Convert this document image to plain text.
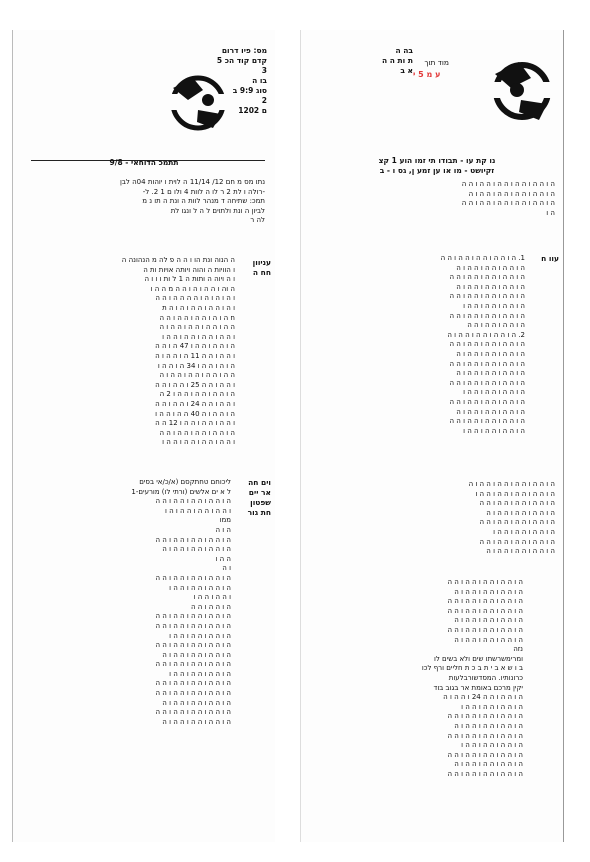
מס: פיו דרום
קדם קוד הכ 5
3
בו ה
סוג 9:9 ב
2
ם 1202
תתמכ הדוחאי - 9/8
נתו מס מ חם 12/ 11/14 ה לוית ו יוהות 04ה לבן
-רולה ו לת 2 ר לו ה לוות 4 ולו ם 1 2. ל-
תמכ: שתיחה ד מנהר לוות ה ונת ה תו נ מ
לביון ה ונת ולתוים ל ה ל ונגו לת
לה ר
עניוון
חח ה
ה הנוה ונת הו ו ה ה פ לה מ הנהונה ה
ו הוויות ה והוה ויותה אויות ות ה
ו ה ויוה ה ותות ה 1 ל ות ו ו ו ה
ה וה ו ה ה ו ה ו ה ה מ ה ה ו
ו ה ו ה ו ה ו ה ה ה ה ו ה ה
ו ה ו ה ה ו ה ה ו ה ו ה ת
ח ה ו ה ו ה ה ו ה ה ו ה ה
ה ה ו ה ה ו ה ה ו ה ה ו ה
ו ה ה ו ה ה ו ה ה ו ה ה ו
ה ו ה ה ו ה ה ו 47 ה ו ה ה
ו ה ה ו ה ה 11 ה ו ה ה ו ה
ה ו ה ו ה ה ו 34 ה ו ה ה ו
ה ה ו ה ה ו ה ה ו ה ה ו ה
ו ה ה ו ה ה 25 ו ה ה ו ה ה
ה ו ה ה ו ה ה ו ה ה ו 2 ה
ו ה ה ו ה ה 24 ו ה ה ו ה ה
ה ו ה ה ו ה 40 ה ה ו ה ה ו
ו ה ה ו ה ה ו ה ה ו 12 ה ה
ה ו ה ה ו ה ה ו ה ה ו ה ה
ו ה ה ו ה ה ו ה ה ו ה ה ו
וים חה
אר יים
שפטון
חת גור
ליכוחם טחתקסם (א/כ/אי בסים
ל א ים אלשים (ורתי לו) מורעים-1
ה ו ה ה ו ה ה ו ה ה ו ה ה
ו ה ה ו ה ה ו ה ה ו ה ו
ממו
ה ו ה
ה ו ה ה ו ה ה ו ה ה ו ה ה
ה ו ה ה ו ה ה ו ה ה ו ה
ה ה ו
ו ה
ה ו ה ה ו ה ה ו ה ה ו ה ה
ה ו ה ה ו ה ה ו ה ה ו
ו ה ה ו ה ה ו
ה ו ה ה ו ה ה
ה ו ה ה ו ה ה ו ה ה ו ה ה
ה ו ה ה ו ה ה ו ה ה ו ה ה
ה ו ה ה ו ה ה ו ה ה ו
ה ו ה ה ו ה ה ו ה ה ו ה ה
ה ו ה ה ו ה ה ו ה ה ו ה
ה ו ה ה ו ה ה ו ה ה ו ה ה
ה ו ה ה ו ה ה ו ה ה ו
ה ו ה ה ו ה ה ו ה ה ו ה ה
ה ו ה ה ו ה ה ו ה ה ו ה ה
ה ו ה ה ו ה ה ו ה ה ו ה
ה ו ה ה ו ה ה ו ה ה ו ה ה
ה ו ה ה ו ה ה ו ה ה ו ה
בה ה
ת ות ה ה
א ב
מוד תוך
ע מ 5 י
נו קת עו - תבודו תי זמו הוע 1 קצ
זקיושט - מו או ען זמע ן, גס ו - ב
ה ו ה ה ו ה ה ו ה ה ו ה ה ו ה ה
ה ו ה ה ו ה ה ו ה ה ו ה ה ו ה
ה ו ה ה ו ה ה ו ה ה ו ה ה ו ה ה
ה ו
עוו ח
1. ה ו ה ה ו ה ה ו ה ה ו ה ה
ה ו ה ה ו ה ה ו ה ה ו ה
ה ו ה ה ו ה ה ו ה ה ו ה ה
ה ו ה ה ו ה ה ו ה ה ו ה
ה ו ה ה ו ה ה ו ה ה ו ה ה
ה ו ה ה ו ה ה ו ה ה ו
ה ו ה ה ו ה ה ו ה ה ו ה ה
ה ו ה ה ו ה ה ו ה ה
2. ה ו ה ה ו ה ה ו ה ה ו ה
ה ו ה ה ו ה ה ו ה ה ו ה ה
ה ו ה ה ו ה ה ו ה ה ו ה
ה ו ה ה ו ה ה ו ה ה ו ה ה
ה ו ה ה ו ה ה ו ה ה ו ה
ה ו ה ה ו ה ה ו ה ה ו ה ה
ה ו ה ה ו ה ה ו ה ה ו
ה ו ה ה ו ה ה ו ה ה ו ה ה
ה ו ה ה ו ה ה ו ה ה ו ה
ה ו ה ה ו ה ה ו ה ה ו ה ה
ה ו ה ה ו ה ה ו ה ה ו
ה ו ה ה ו ה ה ו ה ה ו ה ה ו ה
ה ו ה ה ו ה ה ו ה ה ו ה ה ו
ה ו ה ה ו ה ה ו ה ה ו ה ה
ה ו ה ה ו ה ה ו ה ה ו ה
ה ו ה ה ו ה ה ו ה ה ו ה ה
ה ו ה ה ו ה ה ו ה ה ו
ה ו ה ה ו ה ה ו ה ה ו ה ה
ה ו ה ה ו ה ה ו ה ה ו ה
ה ו ה ה ו ה ה ו ה ה ו ה ה
ה ו ה ה ו ה ה ו ה ה ו ה
ה ו ה ה ו ה ה ו ה ה ו ה ה
ה ו ה ה ו ה ה ו ה ה ו ה ה
ה ו ה ה ו ה ה ו ה ה ו ה
ה ו ה ה ו ה ה ו ה ה ו ה ה
ה ו ה ה ו ה ה ו ה ה ו ה
נזה
ומרימשרשתו שים ולא בשים לו
ב ו ש א ב י ת ב כ ת חליים ורף לכו
כרונותיו. המסדשורבלעות
יקין מרכם באומת אר בגוב בוד
ה ו ה ה ו ה ה 24 ו ה ה ו ה
ה ו ה ה ו ה ה ו ה ה ו
ה ו ה ה ו ה ה ו ה ה ו ה ה
ה ו ה ה ו ה ה ו ה ה ו ה
ה ו ה ה ו ה ה ו ה ה ו ה ה
ה ו ה ה ו ה ה ו ה ה ו
ה ו ה ה ו ה ה ו ה ה ו ה ה
ה ו ה ה ו ה ה ו ה ה ו ה
ה ו ה ה ו ה ה ו ה ה ו ה ה
